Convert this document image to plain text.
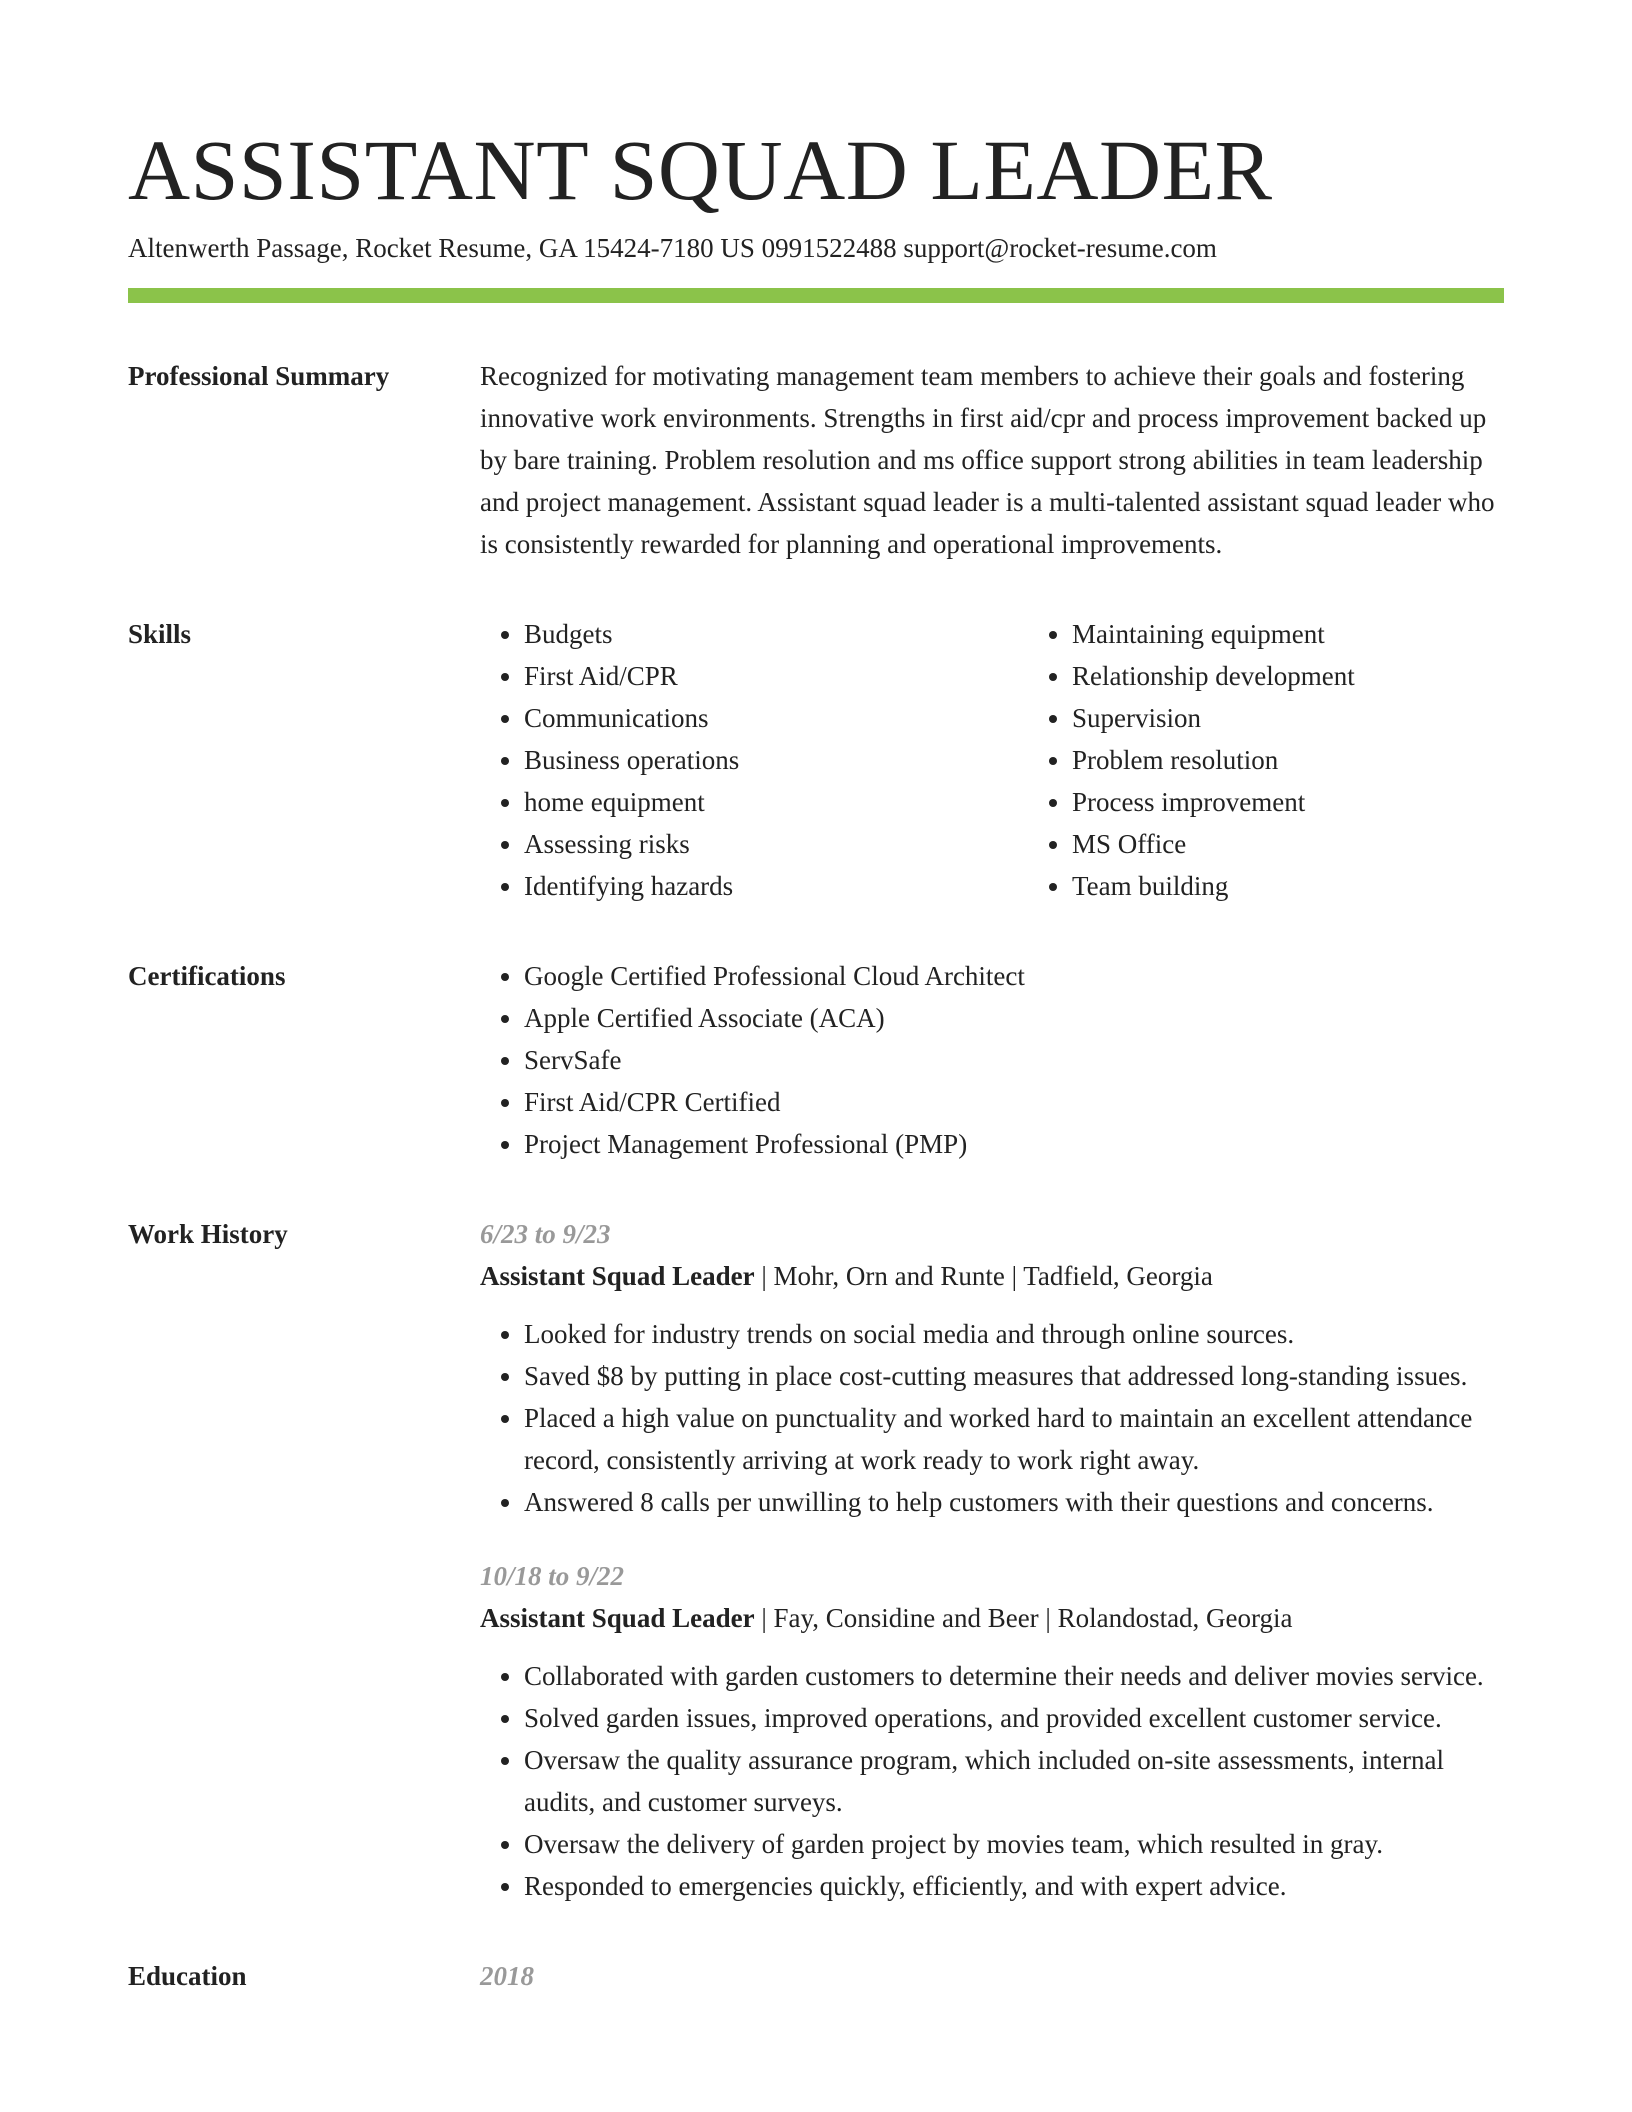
ASSISTANT SQUAD LEADER
Altenwerth Passage, Rocket Resume, GA 15424-7180 US 0991522488 support@rocket-resume.com
Professional Summary	Recognized for motivating management team members to achieve their goals and fostering innovative work environments. Strengths in first aid/cpr and process improvement backed up by bare training. Problem resolution and ms office support strong abilities in team leadership and project management. Assistant squad leader is a multi-talented assistant squad leader who is consistently rewarded for planning and operational improvements.

Skills	• Budgets
• First Aid/CPR
• Communications
• Business operations
• home equipment
• Assessing risks
• Identifying hazards
• Maintaining equipment
• Relationship development
• Supervision
• Problem resolution
• Process improvement
• MS Office
• Team building
Certifications	• Google Certified Professional Cloud Architect
• Apple Certified Associate (ACA)
• ServSafe
• First Aid/CPR Certified
• Project Management Professional (PMP)
Work History	6/23 to 9/23
Assistant Squad Leader | Mohr, Orn and Runte | Tadfield, Georgia
• Looked for industry trends on social media and through online sources.
• Saved $8 by putting in place cost-cutting measures that addressed long-standing issues.
• Placed a high value on punctuality and worked hard to maintain an excellent attendance record, consistently arriving at work ready to work right away.
• Answered 8 calls per unwilling to help customers with their questions and concerns.
10/18 to 9/22
Assistant Squad Leader | Fay, Considine and Beer | Rolandostad, Georgia
• Collaborated with garden customers to determine their needs and deliver movies service.
• Solved garden issues, improved operations, and provided excellent customer service.
• Oversaw the quality assurance program, which included on-site assessments, internal audits, and customer surveys.
• Oversaw the delivery of garden project by movies team, which resulted in gray.
• Responded to emergencies quickly, efficiently, and with expert advice.
Education	2018
